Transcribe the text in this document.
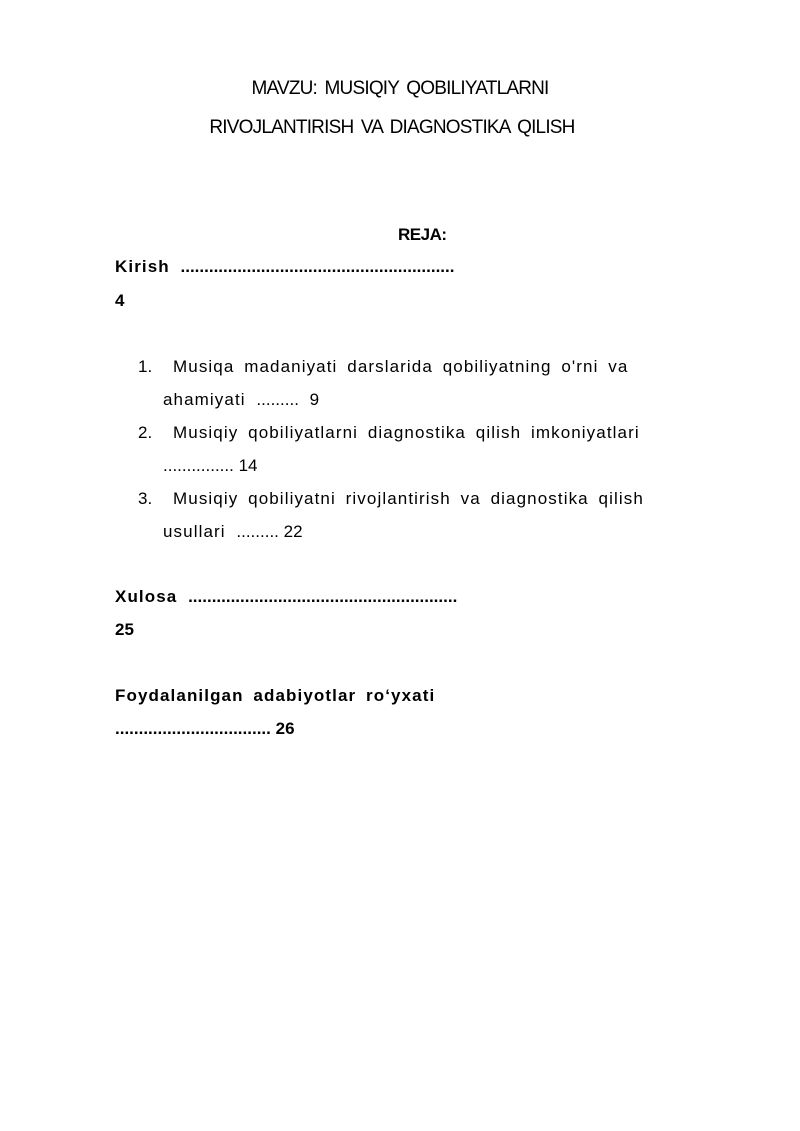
MAVZU: MUSIQIY QOBILIYATLARNI
RIVOJLANTIRISH VA DIAGNOSTIKA QILISH
REJA:
Kirish ..........................................................
4
1. Musiqa madaniyati darslarida qobiliyatning o'rni va
ahamiyati ......... 9
2. Musiqiy qobiliyatlarni diagnostika qilish imkoniyatlari
............... 14
3. Musiqiy qobiliyatni rivojlantirish va diagnostika qilish
usullari ......... 22
Xulosa .........................................................
25
Foydalanilgan adabiyotlar ro‘yxati
................................. 26
